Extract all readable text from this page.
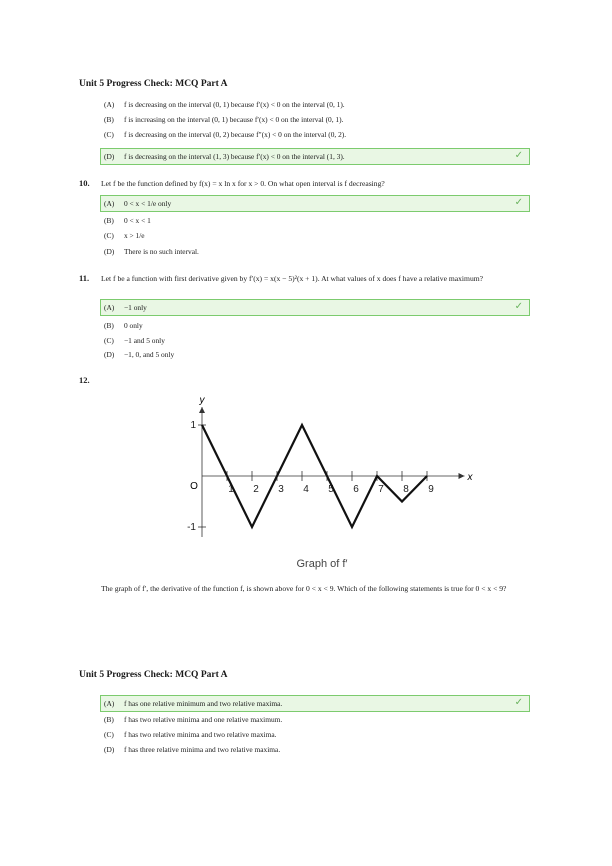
Unit 5 Progress Check: MCQ Part A
(A) f is decreasing on the interval (0, 1) because f′(x) < 0 on the interval (0, 1).
(B) f is increasing on the interval (0, 1) because f′(x) < 0 on the interval (0, 1).
(C) f is decreasing on the interval (0, 2) because f″(x) < 0 on the interval (0, 2).
(D) f is decreasing on the interval (1, 3) because f′(x) < 0 on the interval (1, 3).	✓
10. Let f be the function defined by f(x) = x ln x for x > 0. On what open interval is f decreasing?
(A) 0 < x < 1/e only	✓
(B) 0 < x < 1
(C) x > 1/e
(D) There is no such interval.
11. Let f be a function with first derivative given by f′(x) = x(x − 5)²(x + 1). At what values of x does f have a relative maximum?
(A) −1 only	✓
(B) 0 only
(C) −1 and 5 only
(D) −1, 0, and 5 only
12.
1 2 3 4 5 6 7 8 9
1
-1
x
y
O
Graph of f′
The graph of f′, the derivative of the function f, is shown above for 0 < x < 9. Which of the following statements is true for 0 < x < 9?
Unit 5 Progress Check: MCQ Part A
(A) f has one relative minimum and two relative maxima.	✓
(B) f has two relative minima and one relative maximum.
(C) f has two relative minima and two relative maxima.
(D) f has three relative minima and two relative maxima.
